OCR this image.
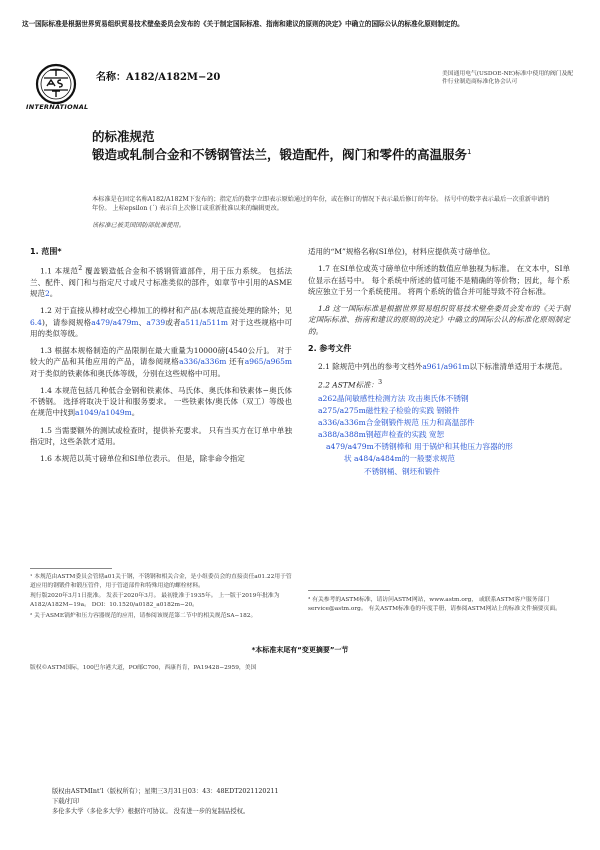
这一国际标准是根据世界贸易组织贸易技术壁垒委员会发布的《关于制定国际标准、指南和建议的原则的决定》中确立的国际公认的标准化原则制定的。
INTERNATIONAL
名称：A182/A182M−20	美国通用电气(USDOE-NE)标准中使用的阀门及配件行业制造商标准化协会认可
的标准规范
锻造或轧制合金和不锈钢管法兰，锻造配件，阀门和零件的高温服务$^1$
本标准是在固定名称A182/A182M下发布的；指定后的数字立即表示原始通过的年份，或在修订的情况下表示最后修订的年份。 括号中的数字表示最后一次重新申请的年份。 上标epsilon (´) 表示自上次修订或重新批准以来的编辑更改。
该标准已被美国国防部批准使用。
1. 范围*

1.1 本规范$^2$ 覆盖锻造低合金和不锈钢管道部件，用于压力系统。 包括法兰、配件、阀门和与指定尺寸或尺寸标准类似的部件，如章节中引用的ASME规范2。

1.2 对于直接从棒材或空心棒加工的棒材和产品(本规范直接处理的除外；见6.4)，请参阅规格a479/a479m、a739或者a511/a511m 对于这些规格中可用的类似等级。

1.3 根据本规格制造的产品限制在最大重量为10000磅[4540公斤]。 对于较大的产品和其他应用的产品，请参阅规格a336/a336m 还有a965/a965m 对于类似的铁素体和奥氏体等级，分别在这些规格中可用。

1.4 本规范包括几种低合金钢和铁素体、马氏体、奥氏体和铁素体−奥氏体不锈钢。 选择将取决于设计和服务要求。 一些铁素体/奥氏体（双工）等级也在规范中找到a1049/a1049m。

1.5 当需要额外的测试或检查时，提供补充要求。 只有当买方在订单中单独指定时，这些条款才适用。

1.6 本规范以英寸磅单位和SI单位表示。 但是，除非命令指定

¹ 本规范由ASTM委员会管辖a01关于钢，不锈钢和相关合金，是小组委员会的直接责任a01.22用于管道应用的钢锻件和锻压管件，用于管道部件和特殊用途的螺栓材料。

现行版2020年3月1日批准。 发表于2020年3月。 最初批准于1935年。 上一版于2019年批准为A182/A182M−19a。 DOI：10.1520/a0182_a0182m−20。

² 关于ASME锅炉和压力容器规范的应用，请参阅该规范第二节中的相关规范SA−182。

适用的“M”规格名称(SI单位)，材料应提供英寸磅单位。

1.7 在SI单位或英寸磅单位中所述的数值应单独视为标准。 在文本中，SI单位显示在括号中。 每个系统中所述的值可能不是精确的等价物；因此，每个系统应独立于另一个系统使用。 将两个系统的值合并可能导致不符合标准。

1.8 这一国际标准是根据世界贸易组织贸易技术壁垒委员会发布的《关于制定国际标准、指南和建议的原则的决定》中确立的国际公认的标准化原则制定的。

2. 参考文件

2.1 除规范中列出的参考文档外a961/a961m以下标准清单适用于本规范。

2.2 ASTM标准：$^3$

a262晶间敏感性检测方法 攻击奥氏体不锈钢
a275/a275m磁性粒子检验的实践 钢锻件
a336/a336m合金钢锻件规范 压力和高温部件
a388/a388m钢超声检查的实践 宽恕
a479/a479m不锈钢棒和 用于锅炉和其他压力容器的形
状 a484/a484m的一般要求规范
不锈钢桶、钢坯和锻件
³ 有关参考的ASTM标准，请访问ASTM网站，www.astm.org， 或联系ASTM客户服务部门service@astm.org。 有关ASTM标准卷的年度手册，请参阅ASTM网站上的标准文件摘要页面。
*本标准末尾有“变更摘要”一节
版权©ASTM国际，100巴尔港大道，PO邮C700，西康肖肯，PA19428−2959，美国
版权由ASTMInt‘l（版权所有）；星期三3月31日03：43：48EDT2021120211
下载/打印
多伦多大学（多伦多大学）根据许可协议。 没有进一步的复制品授权。
